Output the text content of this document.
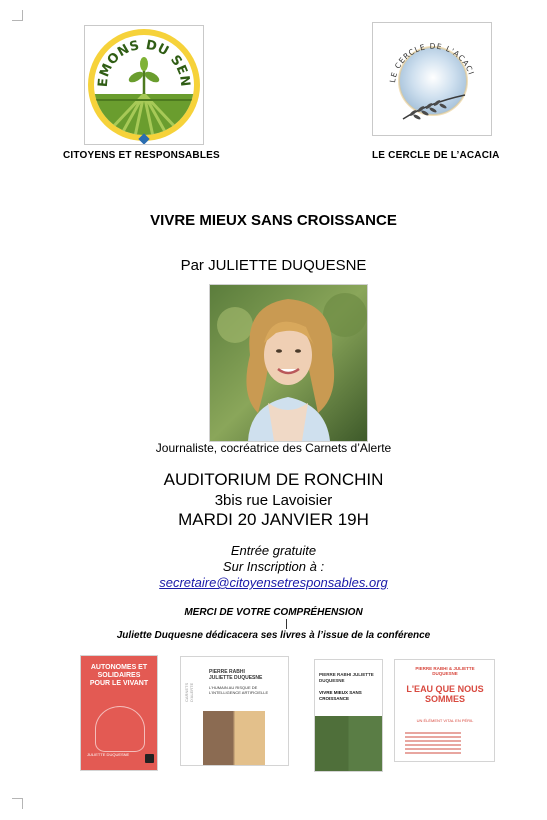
EMONS DU SEN	LE CERCLE DE L'ACACI
CITOYENS ET RESPONSABLES	LE CERCLE DE L’ACACIA
VIVRE MIEUX SANS CROISSANCE
Par JULIETTE DUQUESNE
Journaliste, cocréatrice des Carnets d’Alerte
AUDITORIUM DE RONCHIN
3bis rue Lavoisier
MARDI 20 JANVIER 19H
Entrée gratuite
Sur Inscription à :
secretaire@citoyensetresponsables.org
MERCI DE VOTRE COMPRÉHENSION
Juliette Duquesne dédicacera ses livres à l’issue de la conférence
AUTONOMES ET SOLIDAIRES POUR LE VIVANT
JULIETTE DUQUESNE
CARNETS D'ALERTE
PIERRE RABHI JULIETTE DUQUESNE
L'HUMAIN AU RISQUE DE L'INTELLIGENCE ARTIFICIELLE
PIERRE RABHI JULIETTE DUQUESNE
VIVRE MIEUX SANS CROISSANCE
PIERRE RABHI & JULIETTE DUQUESNE
L'EAU QUE NOUS SOMMES
UN ÉLÉMENT VITAL EN PÉRIL
